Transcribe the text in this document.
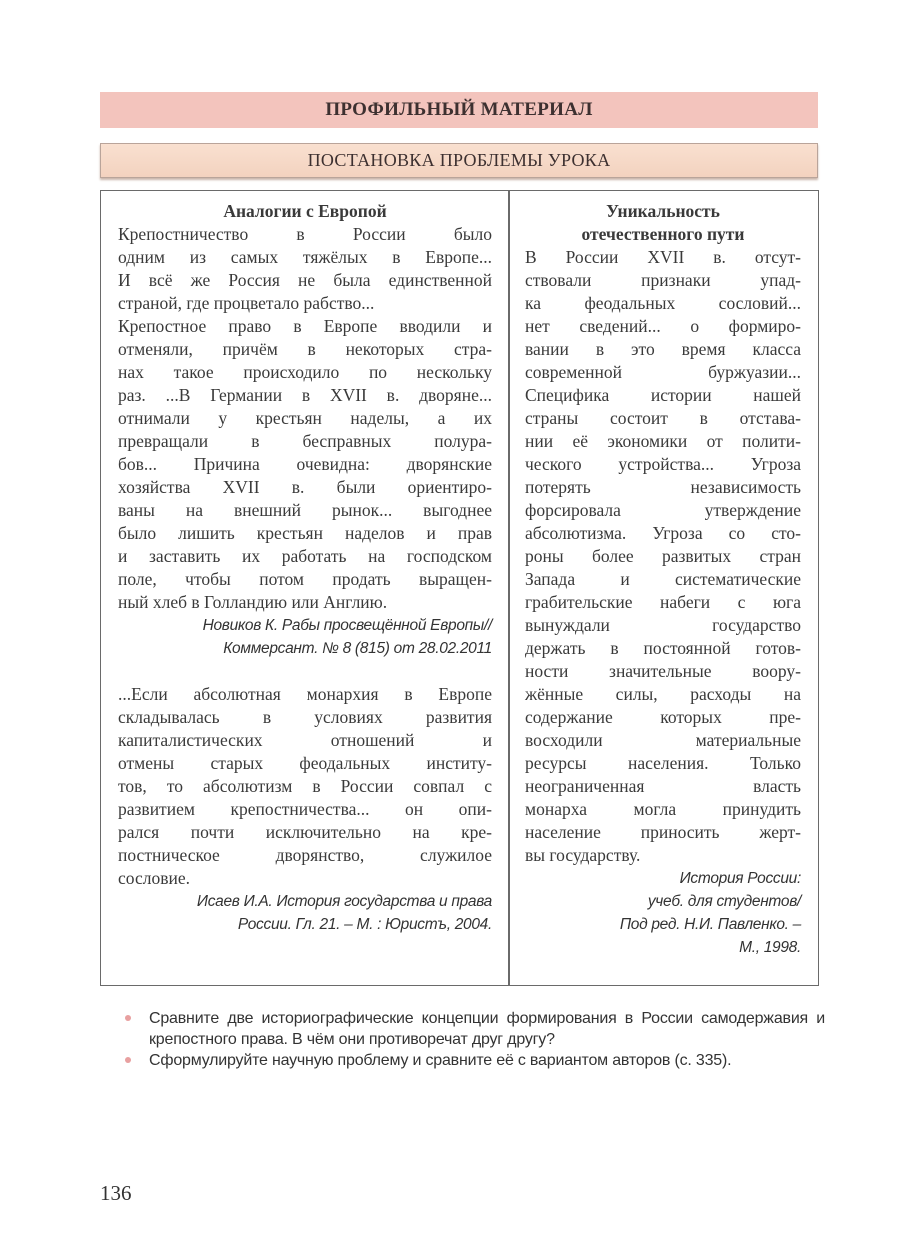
ПРОФИЛЬНЫЙ МАТЕРИАЛ
ПОСТАНОВКА ПРОБЛЕМЫ УРОКА
Аналогии с Европой
Крепостничество в России было
одним из самых тяжёлых в Европе...
И всё же Россия не была единственной
страной, где процветало рабство...
Крепостное право в Европе вводили и
отменяли, причём в некоторых стра-
нах такое происходило по нескольку
раз. ...В Германии в XVII в. дворяне...
отнимали у крестьян наделы, а их
превращали в бесправных полура-
бов... Причина очевидна: дворянские
хозяйства XVII в. были ориентиро-
ваны на внешний рынок... выгоднее
было лишить крестьян наделов и прав
и заставить их работать на господском
поле, чтобы потом продать выращен-
ный хлеб в Голландию или Англию.
Новиков К. Рабы просвещённой Европы//
Коммерсант. № 8 (815) от 28.02.2011
...Если абсолютная монархия в Европе
складывалась в условиях развития
капиталистических отношений и
отмены старых феодальных институ-
тов, то абсолютизм в России совпал с
развитием крепостничества... он опи-
рался почти исключительно на кре-
постническое дворянство, служилое
сословие.
Исаев И.А. История государства и права
России. Гл. 21. – М. : Юристъ, 2004.
Уникальность
отечественного пути
В России XVII в. отсут-
ствовали признаки упад-
ка феодальных сословий...
нет сведений... о формиро-
вании в это время класса
современной буржуазии...
Специфика истории нашей
страны состоит в отстава-
нии её экономики от полити-
ческого устройства... Угроза
потерять независимость
форсировала утверждение
абсолютизма. Угроза со сто-
роны более развитых стран
Запада и систематические
грабительские набеги с юга
вынуждали государство
держать в постоянной готов-
ности значительные воору-
жённые силы, расходы на
содержание которых пре-
восходили материальные
ресурсы населения. Только
неограниченная власть
монарха могла принудить
население приносить жерт-
вы государству.
История России:
учеб. для студентов/
Под ред. Н.И. Павленко. –
М., 1998.
Сравните две историографические концепции формирования в России самодержавия и крепостного права. В чём они противоречат друг другу?
Сформулируйте научную проблему и сравните её с вариантом авторов (с. 335).
136
